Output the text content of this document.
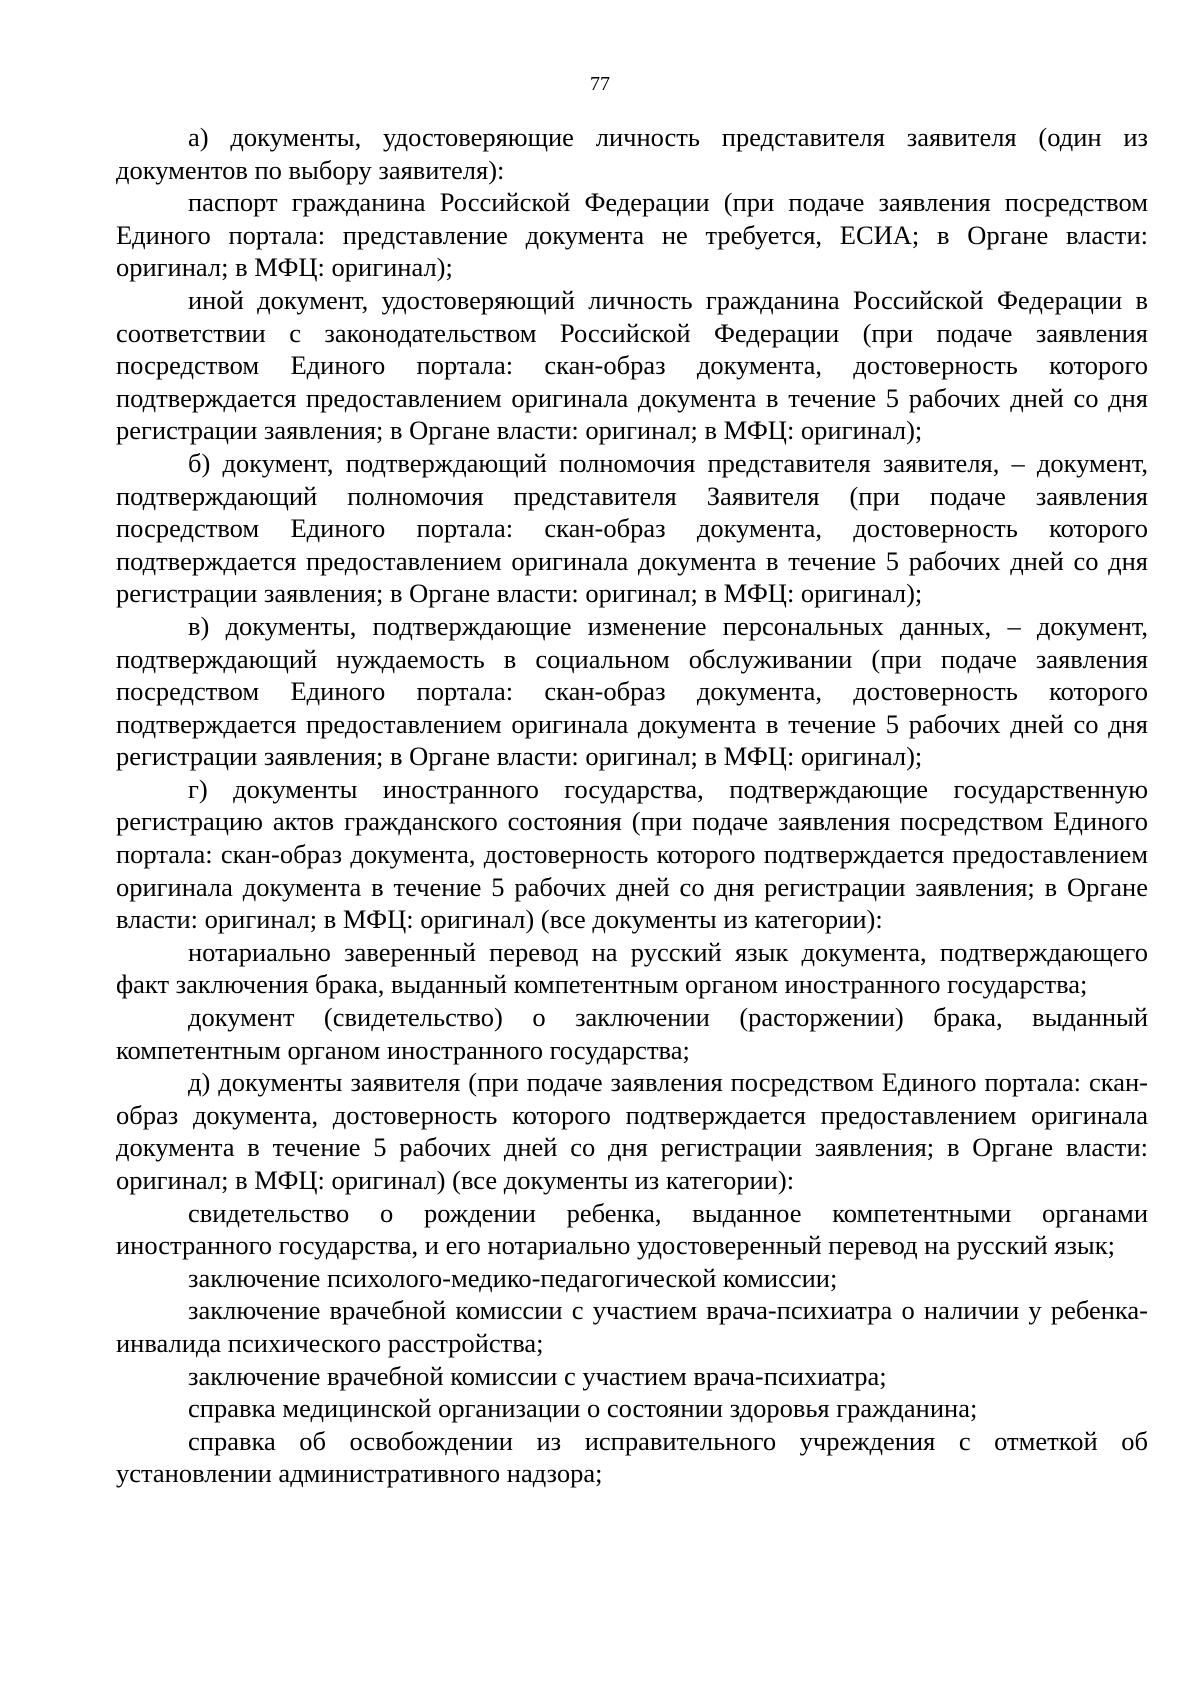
77

а) документы, удостоверяющие личность представителя заявителя (один из документов по выбору заявителя):

паспорт гражданина Российской Федерации (при подаче заявления посредством Единого портала: представление документа не требуется, ЕСИА; в Органе власти: оригинал; в МФЦ: оригинал);

иной документ, удостоверяющий личность гражданина Российской Федерации в соответствии с законодательством Российской Федерации (при подаче заявления посредством Единого портала: скан-образ документа, достоверность которого подтверждается предоставлением оригинала документа в течение 5 рабочих дней со дня регистрации заявления; в Органе власти: оригинал; в МФЦ: оригинал);

б) документ, подтверждающий полномочия представителя заявителя, – документ, подтверждающий полномочия представителя Заявителя (при подаче заявления посредством Единого портала: скан-образ документа, достоверность которого подтверждается предоставлением оригинала документа в течение 5 рабочих дней со дня регистрации заявления; в Органе власти: оригинал; в МФЦ: оригинал);

в) документы, подтверждающие изменение персональных данных, – документ, подтверждающий нуждаемость в социальном обслуживании (при подаче заявления посредством Единого портала: скан-образ документа, достоверность которого подтверждается предоставлением оригинала документа в течение 5 рабочих дней со дня регистрации заявления; в Органе власти: оригинал; в МФЦ: оригинал);

г) документы иностранного государства, подтверждающие государственную регистрацию актов гражданского состояния (при подаче заявления посредством Единого портала: скан-образ документа, достоверность которого подтверждается предоставлением оригинала документа в течение 5 рабочих дней со дня регистрации заявления; в Органе власти: оригинал; в МФЦ: оригинал) (все документы из категории):

нотариально заверенный перевод на русский язык документа, подтверждающего факт заключения брака, выданный компетентным органом иностранного государства;

документ (свидетельство) о заключении (расторжении) брака, выданный компетентным органом иностранного государства;

д) документы заявителя (при подаче заявления посредством Единого портала: скан-образ документа, достоверность которого подтверждается предоставлением оригинала документа в течение 5 рабочих дней со дня регистрации заявления; в Органе власти: оригинал; в МФЦ: оригинал) (все документы из категории):

свидетельство о рождении ребенка, выданное компетентными органами иностранного государства, и его нотариально удостоверенный перевод на русский язык;

заключение психолого-медико-педагогической комиссии;

заключение врачебной комиссии с участием врача-психиатра о наличии у ребенка-инвалида психического расстройства;

заключение врачебной комиссии с участием врача-психиатра;

справка медицинской организации о состоянии здоровья гражданина;

справка об освобождении из исправительного учреждения с отметкой об установлении административного надзора;
